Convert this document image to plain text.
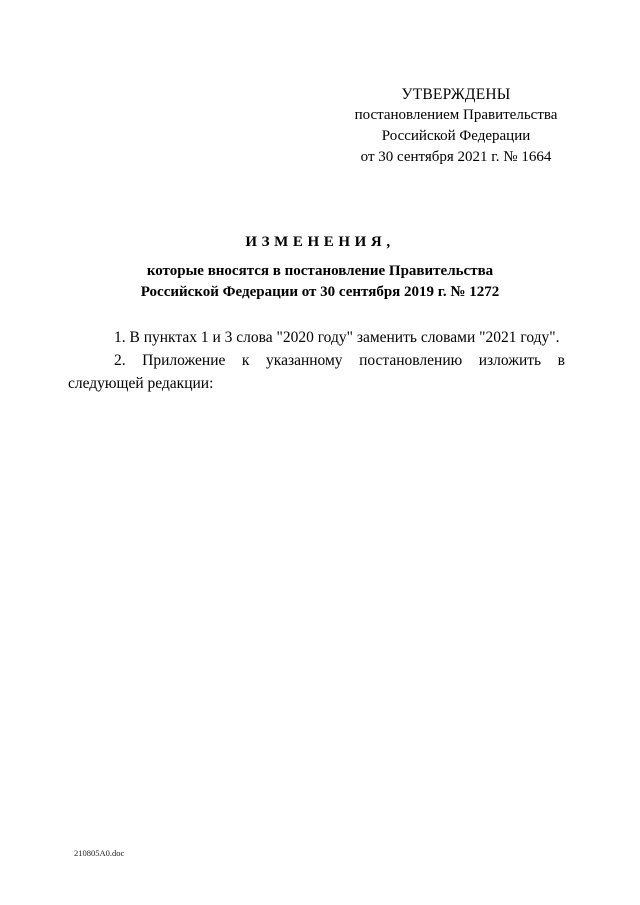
УТВЕРЖДЕНЫ
постановлением Правительства
Российской Федерации
от 30 сентября 2021 г. № 1664
ИЗМЕНЕНИЯ,
которые вносятся в постановление Правительства
Российской Федерации от 30 сентября 2019 г. № 1272

1. В пунктах 1 и 3 слова "2020 году" заменить словами "2021 году".

2. Приложение к указанному постановлению изложить в следующей редакции:

210805A0.doc
